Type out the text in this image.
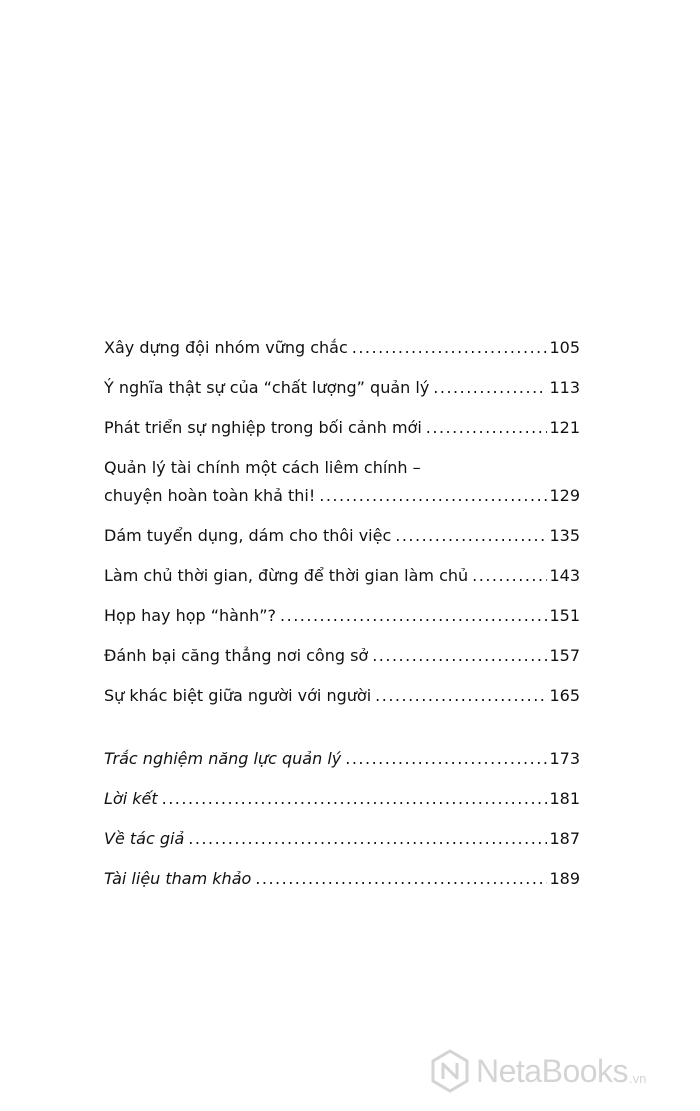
Xây dựng đội nhóm vững chắc .....	105
Ý nghĩa thật sự của “chất lượng” quản lý .....	113
Phát triển sự nghiệp trong bối cảnh mới .....	121
Quản lý tài chính một cách liêm chính –
chuyện hoàn toàn khả thi! .....	129
Dám tuyển dụng, dám cho thôi việc .....	135
Làm chủ thời gian, đừng để thời gian làm chủ .....	143
Họp hay họp “hành”? .....	151
Đánh bại căng thẳng nơi công sở .....	157
Sự khác biệt giữa người với người .....	165
Trắc nghiệm năng lực quản lý .....	173
Lời kết .....	181
Về tác giả .....	187
Tài liệu tham khảo .....	189
NetaBooks .vn
